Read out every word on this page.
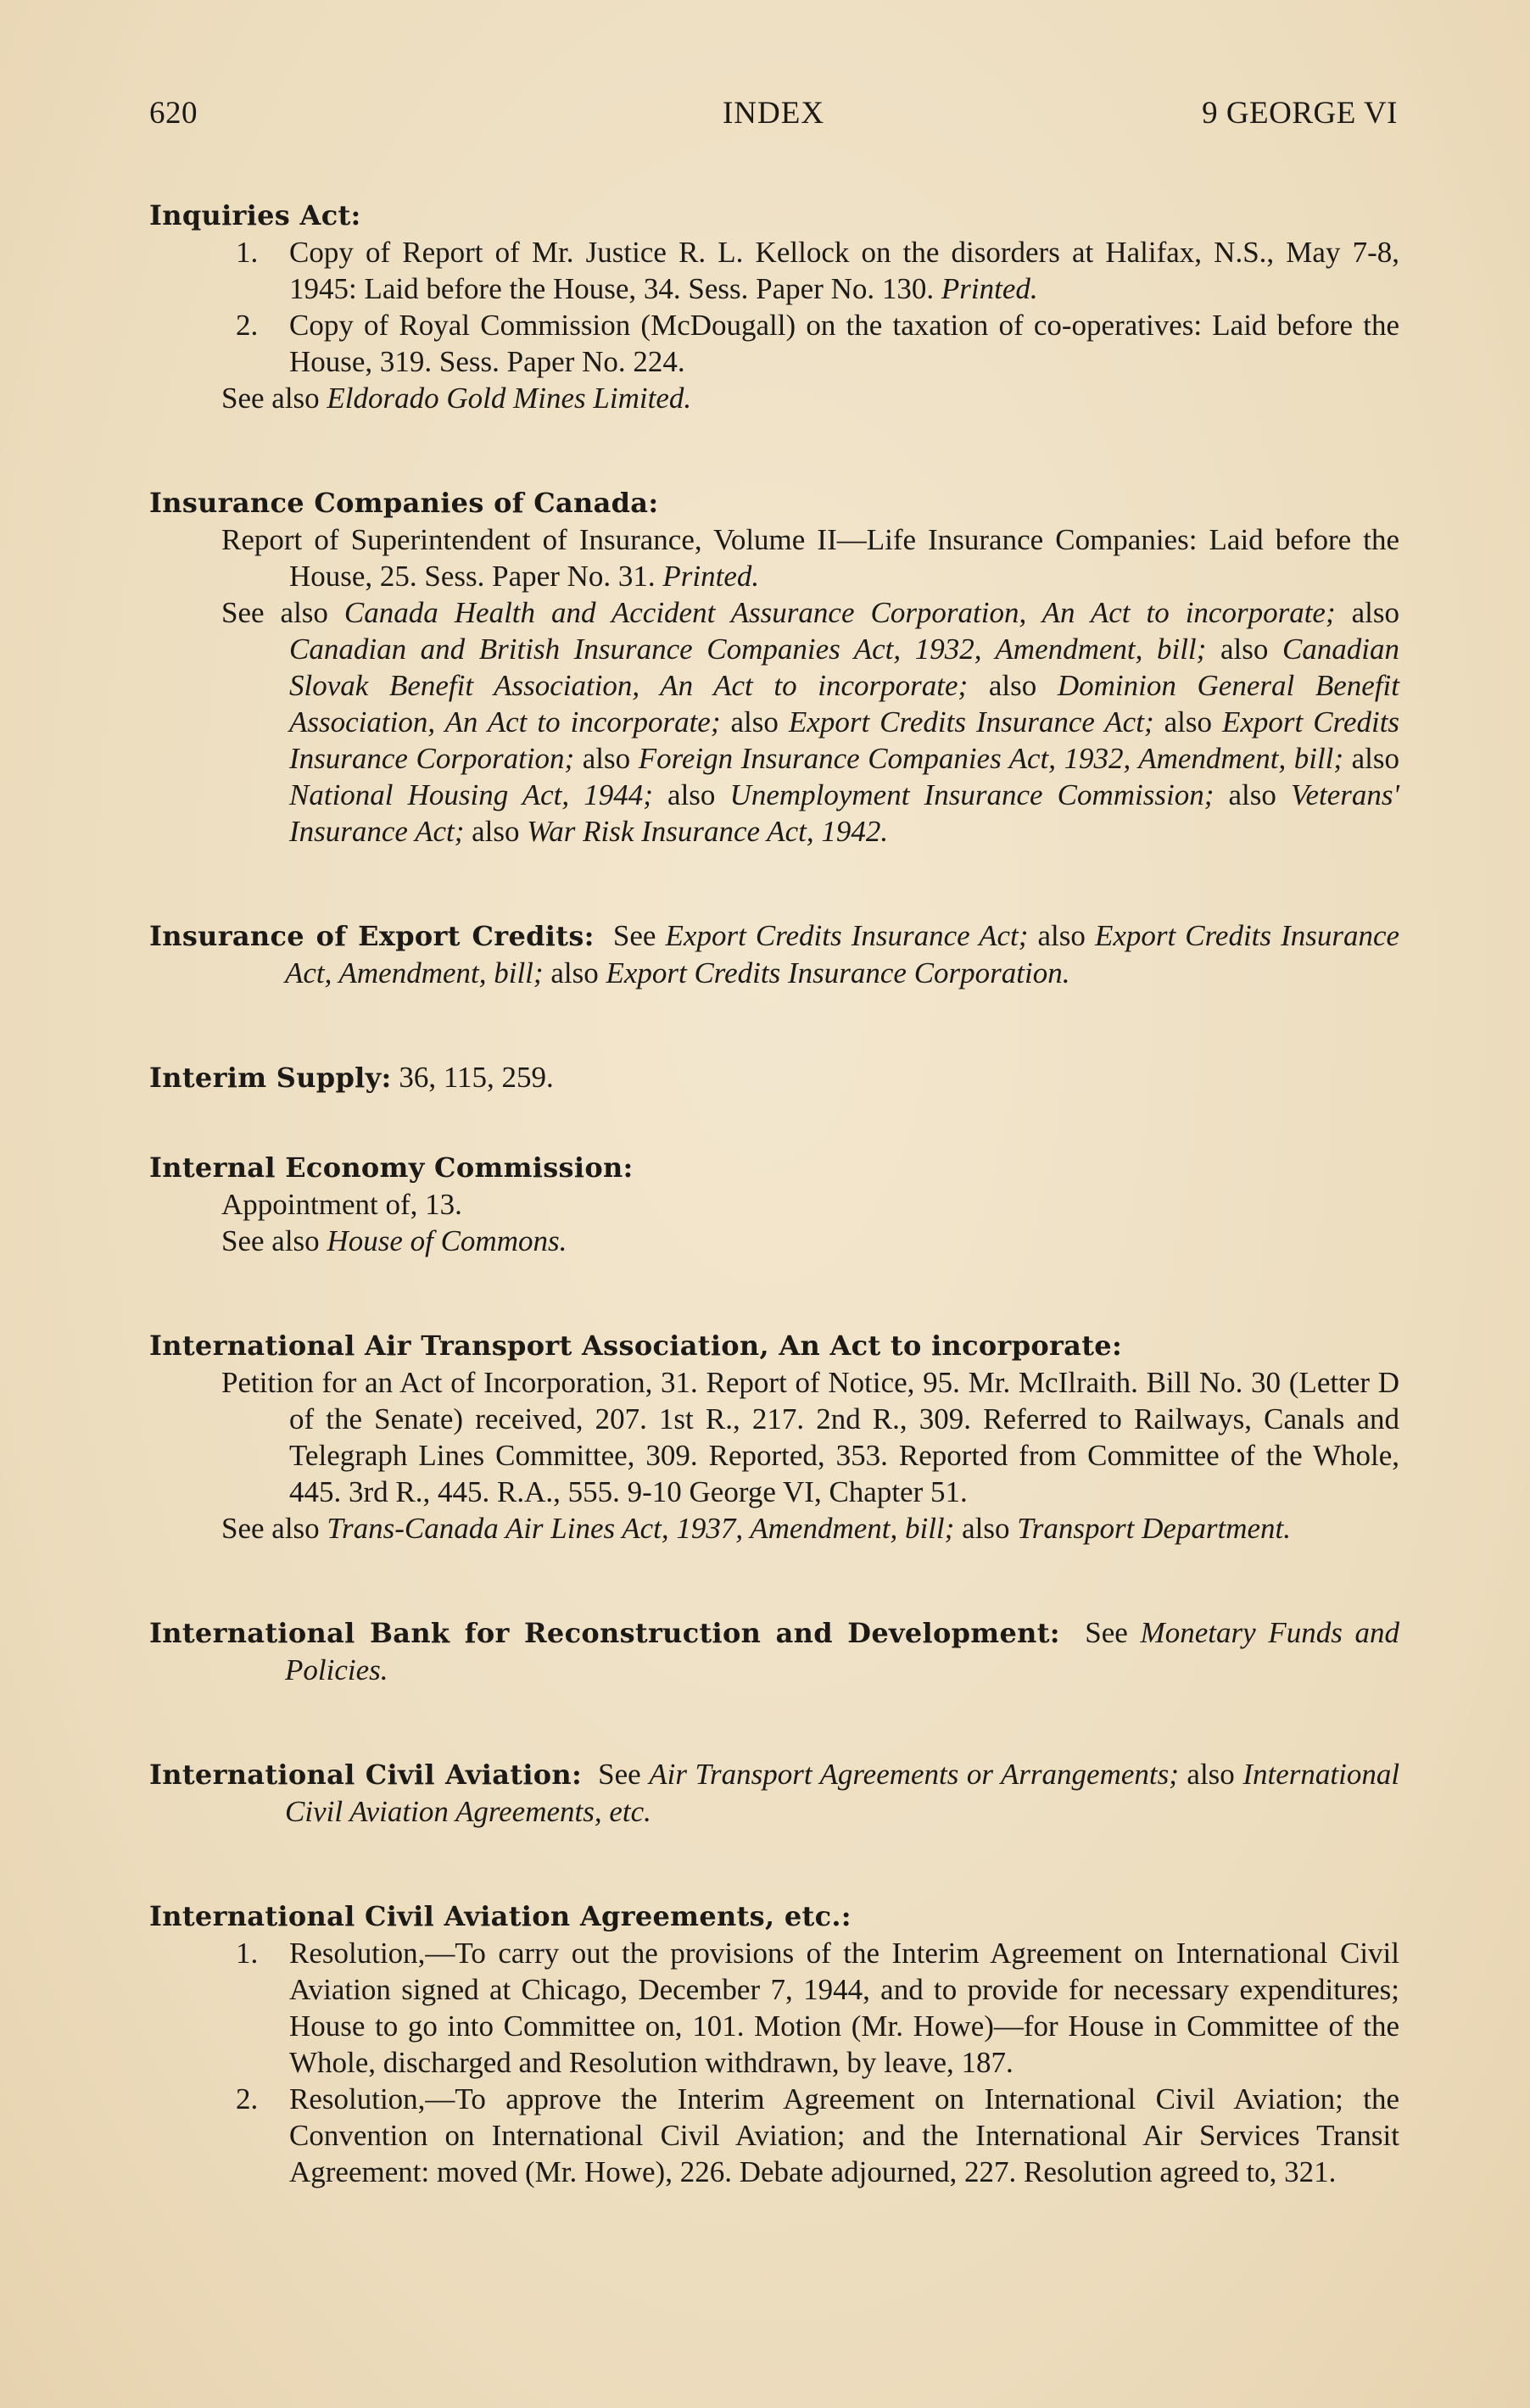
620	INDEX	9 GEORGE VI

Inquiries Act:

1. Copy of Report of Mr. Justice R. L. Kellock on the disorders at Halifax, N.S., May 7-8, 1945: Laid before the House, 34. Sess. Paper No. 130. Printed.

2. Copy of Royal Commission (McDougall) on the taxation of co-operatives: Laid before the House, 319. Sess. Paper No. 224.

See also Eldorado Gold Mines Limited.

Insurance Companies of Canada:

Report of Superintendent of Insurance, Volume II—Life Insurance Companies: Laid before the House, 25. Sess. Paper No. 31. Printed.

See also Canada Health and Accident Assurance Corporation, An Act to incorporate; also Canadian and British Insurance Companies Act, 1932, Amendment, bill; also Canadian Slovak Benefit Association, An Act to incorporate; also Dominion General Benefit Association, An Act to incorporate; also Export Credits Insurance Act; also Export Credits Insurance Corporation; also Foreign Insurance Companies Act, 1932, Amendment, bill; also National Housing Act, 1944; also Unemployment Insurance Commission; also Veterans' Insurance Act; also War Risk Insurance Act, 1942.

Insurance of Export Credits: See Export Credits Insurance Act; also Export Credits Insurance Act, Amendment, bill; also Export Credits Insurance Corporation.

Interim Supply: 36, 115, 259.

Internal Economy Commission:

Appointment of, 13.

See also House of Commons.

International Air Transport Association, An Act to incorporate:

Petition for an Act of Incorporation, 31. Report of Notice, 95. Mr. McIlraith. Bill No. 30 (Letter D of the Senate) received, 207. 1st R., 217. 2nd R., 309. Referred to Railways, Canals and Telegraph Lines Committee, 309. Reported, 353. Reported from Committee of the Whole, 445. 3rd R., 445. R.A., 555. 9-10 George VI, Chapter 51.

See also Trans-Canada Air Lines Act, 1937, Amendment, bill; also Transport Department.

International Bank for Reconstruction and Development: See Monetary Funds and Policies.

International Civil Aviation: See Air Transport Agreements or Arrangements; also International Civil Aviation Agreements, etc.

International Civil Aviation Agreements, etc.:

1. Resolution,—To carry out the provisions of the Interim Agreement on International Civil Aviation signed at Chicago, December 7, 1944, and to provide for necessary expenditures; House to go into Committee on, 101. Motion (Mr. Howe)—for House in Committee of the Whole, discharged and Resolution withdrawn, by leave, 187.

2. Resolution,—To approve the Interim Agreement on International Civil Aviation; the Convention on International Civil Aviation; and the International Air Services Transit Agreement: moved (Mr. Howe), 226. Debate adjourned, 227. Resolution agreed to, 321.
